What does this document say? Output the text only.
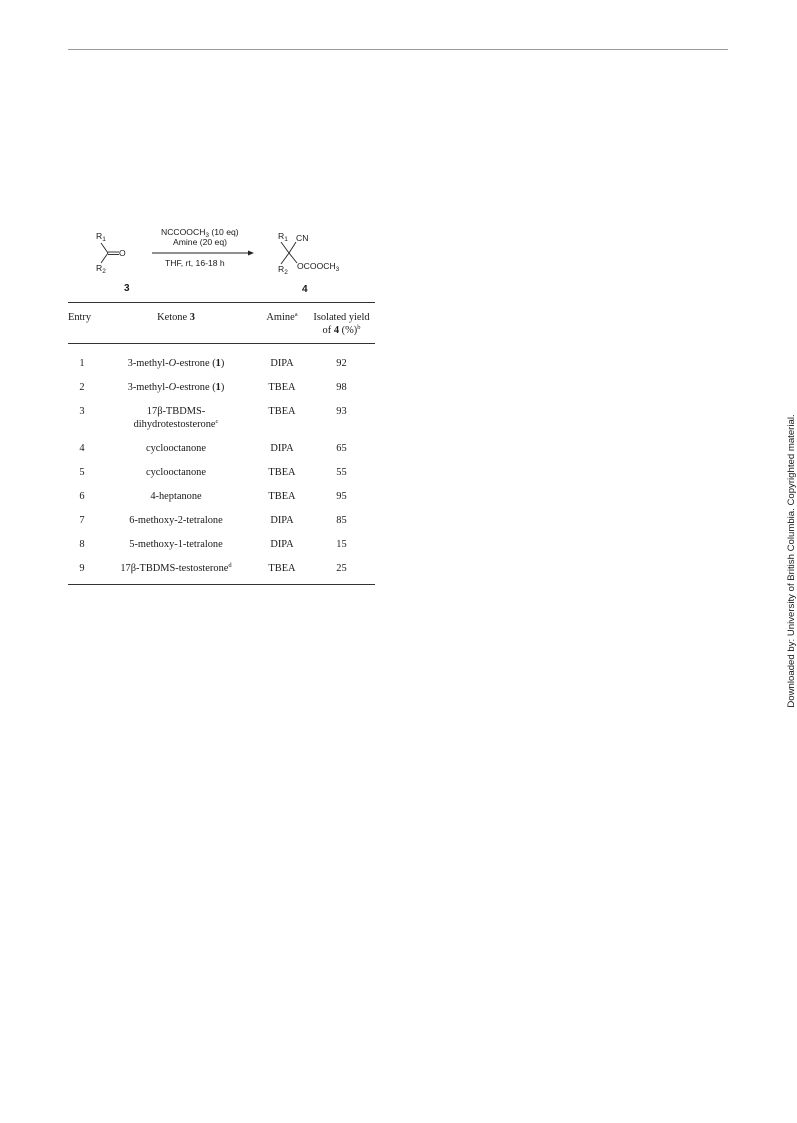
$R_1$
$R_2$
O
$NCCOOCH_3$ (10 eq)
Amine (20 eq)
THF, rt, 16-18 h
$R_1$
$R_2$
CN
$OCOOCH_3$
3	4
Entry	Ketone 3	Amine$^a$	Isolated yield
of 4 (%)$^b$
1	3-methyl-O-estrone (1)	DIPA	92
2	3-methyl-O-estrone (1)	TBEA	98
3	17β-TBDMS-
dihydrotestosterone$^c$	TBEA	93
4	cyclooctanone	DIPA	65
5	cyclooctanone	TBEA	55
6	4-heptanone	TBEA	95
7	6-methoxy-2-tetralone	DIPA	85
8	5-methoxy-1-tetralone	DIPA	15
9	17β-TBDMS-testosterone$^d$	TBEA	25	Downloaded by: University of British Columbia. Copyrighted material.
